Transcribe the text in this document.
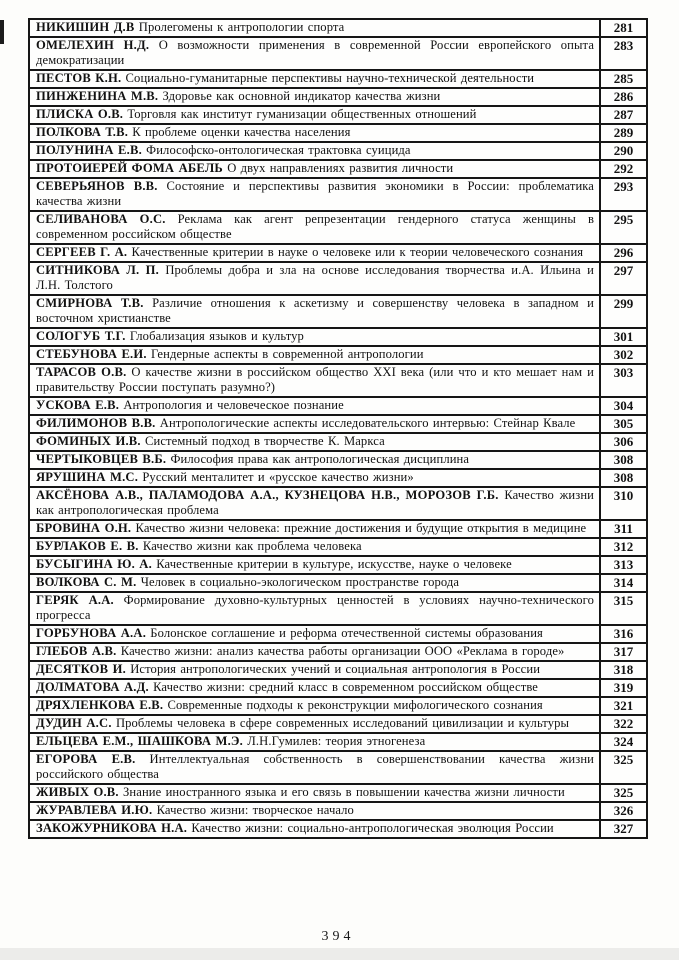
НИКИШИН Д.В Пролегомены к антропологии спорта	281
ОМЕЛЕХИН Н.Д. О возможности применения в современной России европейского опыта демократизации	283
ПЕСТОВ К.Н. Социально-гуманитарные перспективы научно-технической деятельности	285
ПИНЖЕНИНА М.В. Здоровье как основной индикатор качества жизни	286
ПЛИСКА О.В. Торговля как институт гуманизации общественных отношений	287
ПОЛКОВА Т.В. К проблеме оценки качества населения	289
ПОЛУНИНА Е.В. Философско-онтологическая трактовка суицида	290
ПРОТОИЕРЕЙ ФОМА АБЕЛЬ О двух направлениях развития личности	292
СЕВЕРЬЯНОВ В.В. Состояние и перспективы развития экономики в России: проблематика качества жизни	293
СЕЛИВАНОВА О.С. Реклама как агент репрезентации гендерного статуса женщины в современном российском обществе	295
СЕРГЕЕВ Г. А. Качественные критерии в науке о человеке или к теории человеческого сознания	296
СИТНИКОВА Л. П. Проблемы добра и зла на основе исследования творчества и.А. Ильина и Л.Н. Толстого	297
СМИРНОВА Т.В. Различие отношения к аскетизму и совершенству человека в западном и восточном христианстве	299
СОЛОГУБ Т.Г. Глобализация языков и культур	301
СТЕБУНОВА Е.И. Гендерные аспекты в современной антропологии	302
ТАРАСОВ О.В. О качестве жизни в российском общество XXI века (или что и кто мешает нам и правительству России поступать разумно?)	303
УСКОВА Е.В. Антропология и человеческое познание	304
ФИЛИМОНОВ В.В. Антропологические аспекты исследовательского интервью: Стейнар Квале	305
ФОМИНЫХ И.В. Системный подход в творчестве К. Маркса	306
ЧЕРТЫКОВЦЕВ В.Б. Философия права как антропологическая дисциплина	308
ЯРУШИНА М.С. Русский менталитет и «русское качество жизни»	308
АКСЁНОВА А.В., ПАЛАМОДОВА А.А., КУЗНЕЦОВА Н.В., МОРОЗОВ Г.Б. Качество жизни как антропологическая проблема	310
БРОВИНА О.Н. Качество жизни человека: прежние достижения и будущие открытия в медицине	311
БУРЛАКОВ Е. В. Качество жизни как проблема человека	312
БУСЫГИНА Ю. А. Качественные критерии в культуре, искусстве, науке о человеке	313
ВОЛКОВА С. М. Человек в социально-экологическом пространстве города	314
ГЕРЯК А.А. Формирование духовно-культурных ценностей в условиях научно-технического прогресса	315
ГОРБУНОВА А.А. Болонское соглашение и реформа отечественной системы образования	316
ГЛЕБОВ А.В. Качество жизни: анализ качества работы организации ООО «Реклама в городе»	317
ДЕСЯТКОВ И. История антропологических учений и социальная антропология в России	318
ДОЛМАТОВА А.Д. Качество жизни: средний класс в современном российском обществе	319
ДРЯХЛЕНКОВА Е.В. Современные подходы к реконструкции мифологического сознания	321
ДУДИН А.С. Проблемы человека в сфере современных исследований цивилизации и культуры	322
ЕЛЬЦЕВА Е.М., ШАШКОВА М.Э. Л.Н.Гумилев: теория этногенеза	324
ЕГОРОВА Е.В. Интеллектуальная собственность в совершенствовании качества жизни российского общества	325
ЖИВЫХ О.В. Знание иностранного языка и его связь в повышении качества жизни личности	325
ЖУРАВЛЕВА И.Ю. Качество жизни: творческое начало	326
ЗАКОЖУРНИКОВА Н.А. Качество жизни: социально-антропологическая эволюция России	327
394
